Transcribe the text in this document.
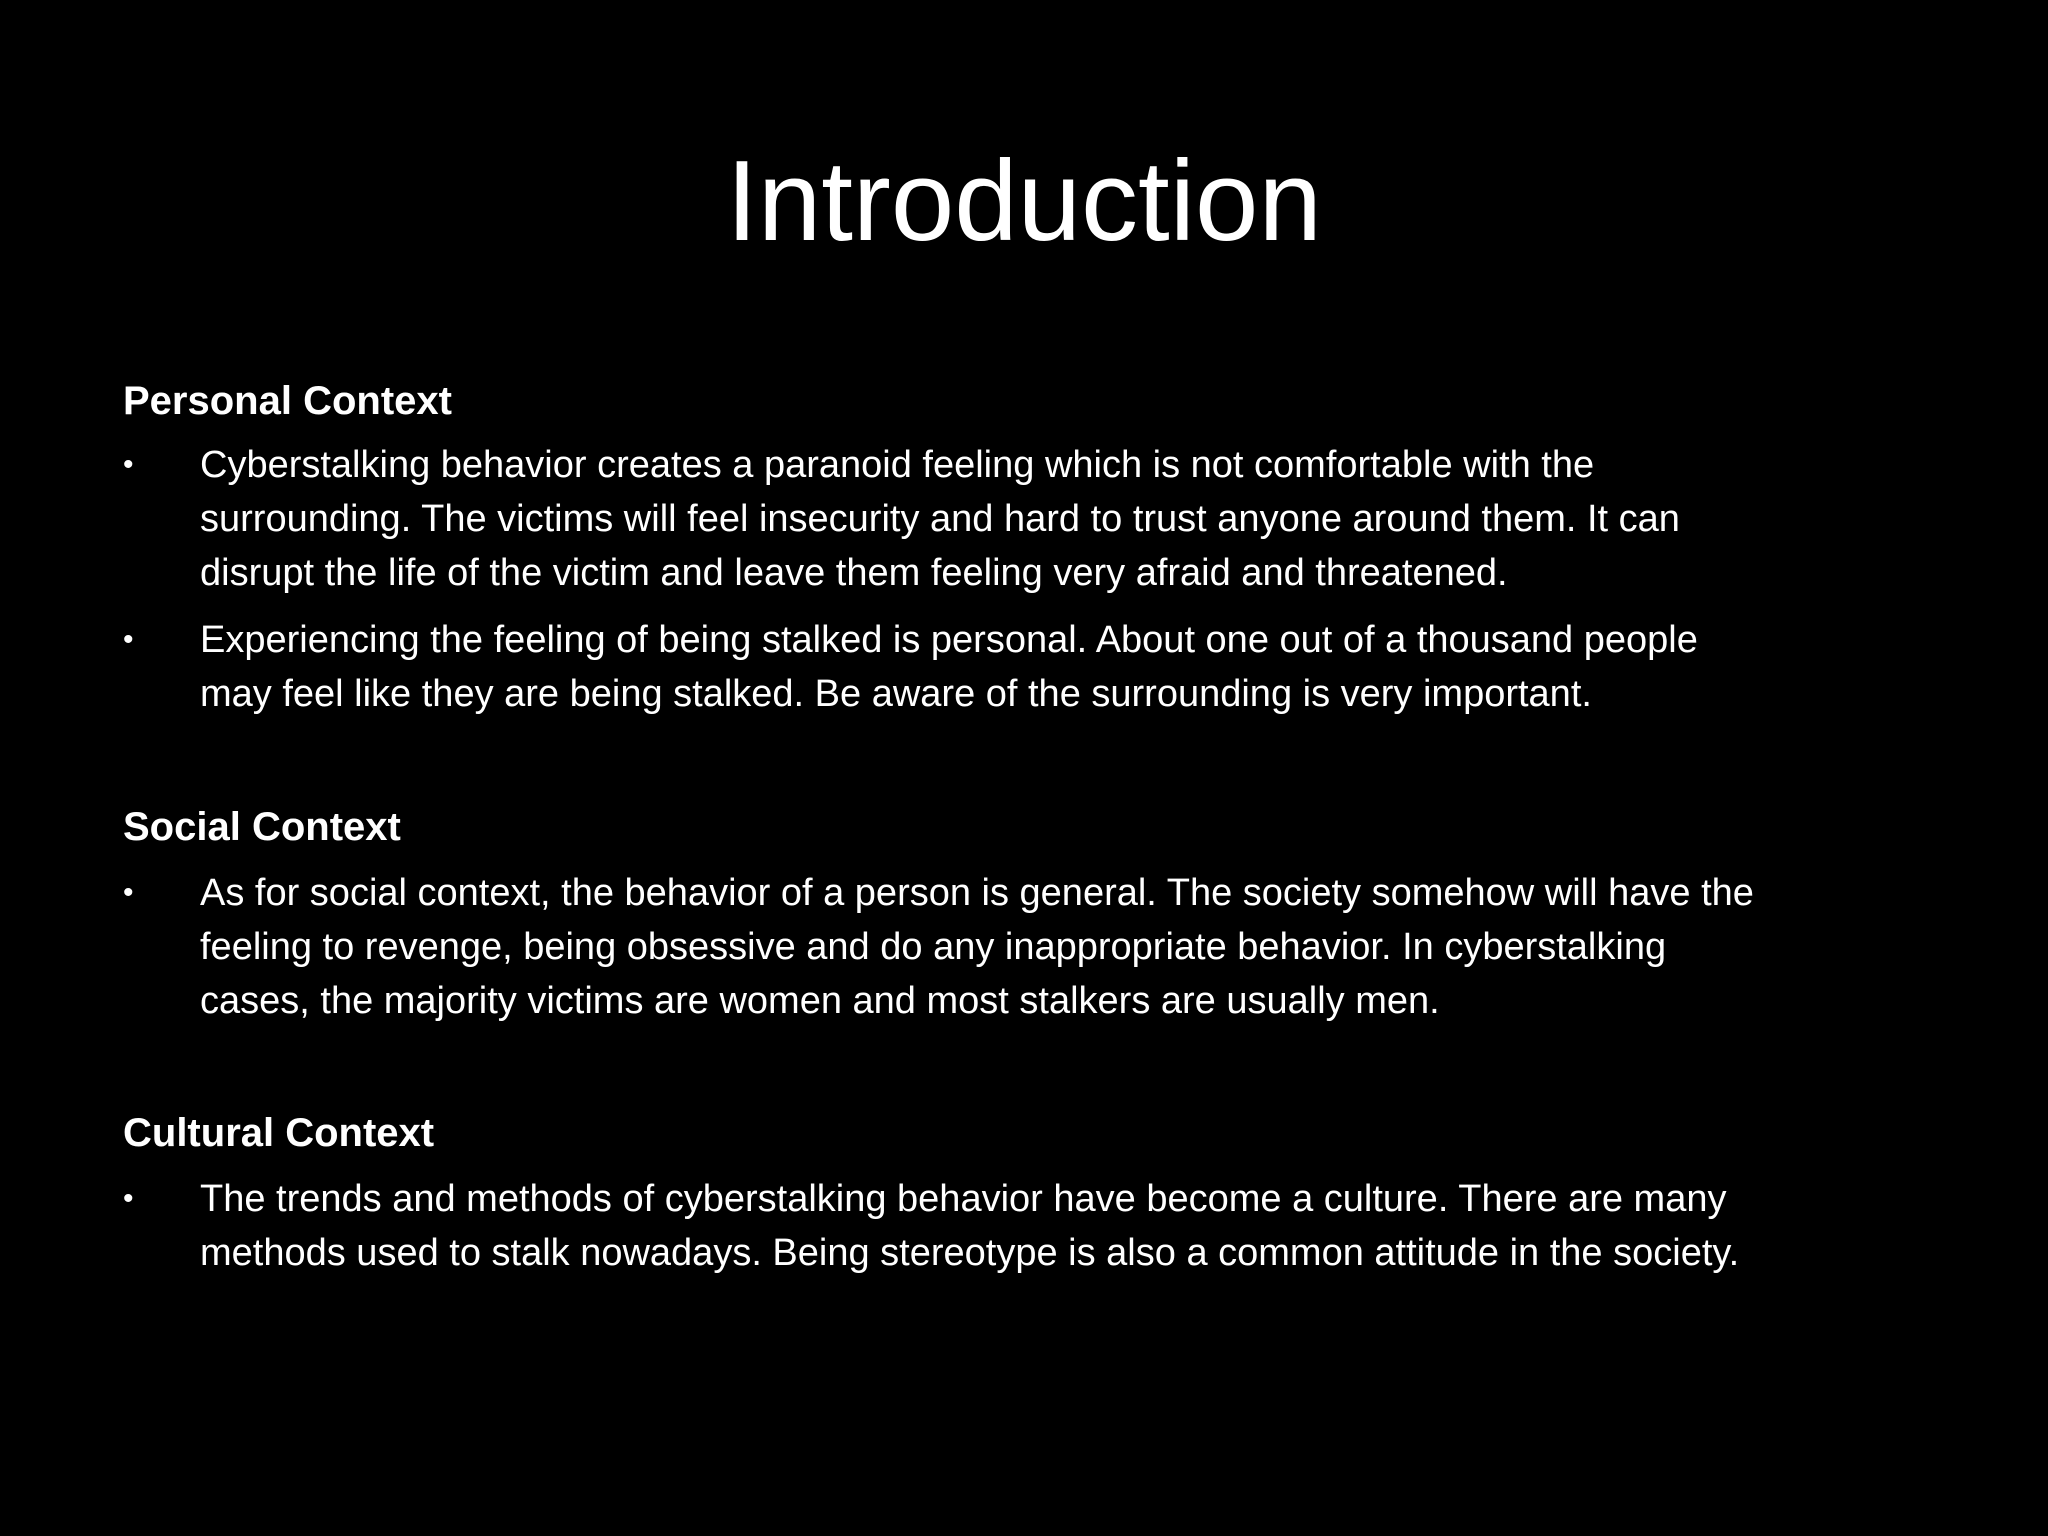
Introduction
Personal Context
• Cyberstalking behavior creates a paranoid feeling which is not comfortable with the
surrounding. The victims will feel insecurity and hard to trust anyone around them. It can
disrupt the life of the victim and leave them feeling very afraid and threatened.
• Experiencing the feeling of being stalked is personal. About one out of a thousand people
may feel like they are being stalked. Be aware of the surrounding is very important.
Social Context
• As for social context, the behavior of a person is general. The society somehow will have the
feeling to revenge, being obsessive and do any inappropriate behavior. In cyberstalking
cases, the majority victims are women and most stalkers are usually men.
Cultural Context
• The trends and methods of cyberstalking behavior have become a culture. There are many
methods used to stalk nowadays. Being stereotype is also a common attitude in the society.
